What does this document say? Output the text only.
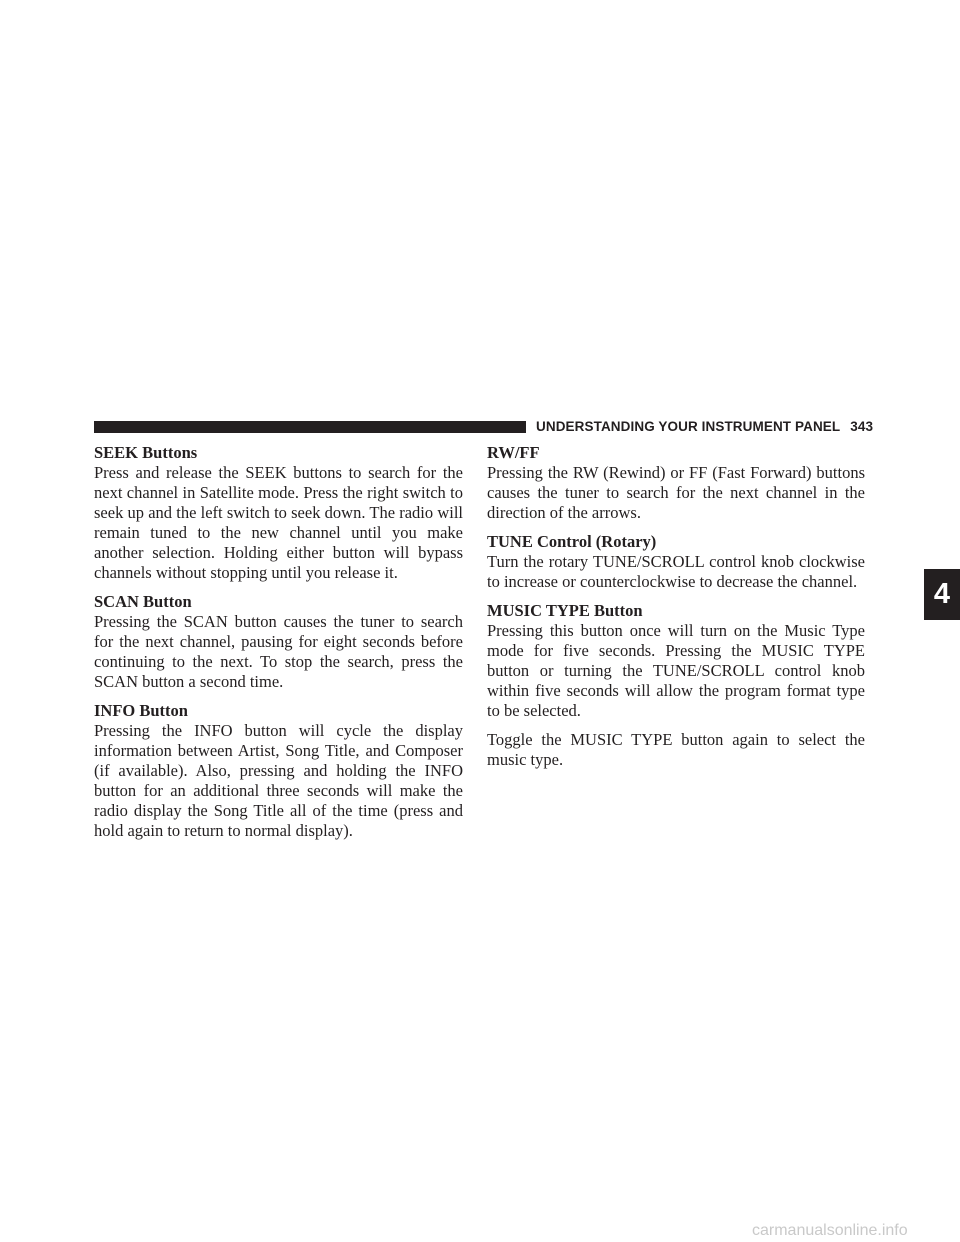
UNDERSTANDING YOUR INSTRUMENT PANEL 343
SEEK Buttons
Press and release the SEEK buttons to search for the next channel in Satellite mode. Press the right switch to seek up and the left switch to seek down. The radio will remain tuned to the new channel until you make another selection. Holding either button will bypass channels without stopping until you release it.
SCAN Button
Pressing the SCAN button causes the tuner to search for the next channel, pausing for eight seconds before continuing to the next. To stop the search, press the SCAN button a second time.
INFO Button
Pressing the INFO button will cycle the display information between Artist, Song Title, and Composer (if available). Also, pressing and holding the INFO button for an additional three seconds will make the radio display the Song Title all of the time (press and hold again to return to normal display).
RW/FF
Pressing the RW (Rewind) or FF (Fast Forward) buttons causes the tuner to search for the next channel in the direction of the arrows.
TUNE Control (Rotary)
Turn the rotary TUNE/SCROLL control knob clockwise to increase or counterclockwise to decrease the channel.
MUSIC TYPE Button
Pressing this button once will turn on the Music Type mode for five seconds. Pressing the MUSIC TYPE button or turning the TUNE/SCROLL control knob within five seconds will allow the program format type to be selected.
Toggle the MUSIC TYPE button again to select the music type.
4
carmanualsonline.info
